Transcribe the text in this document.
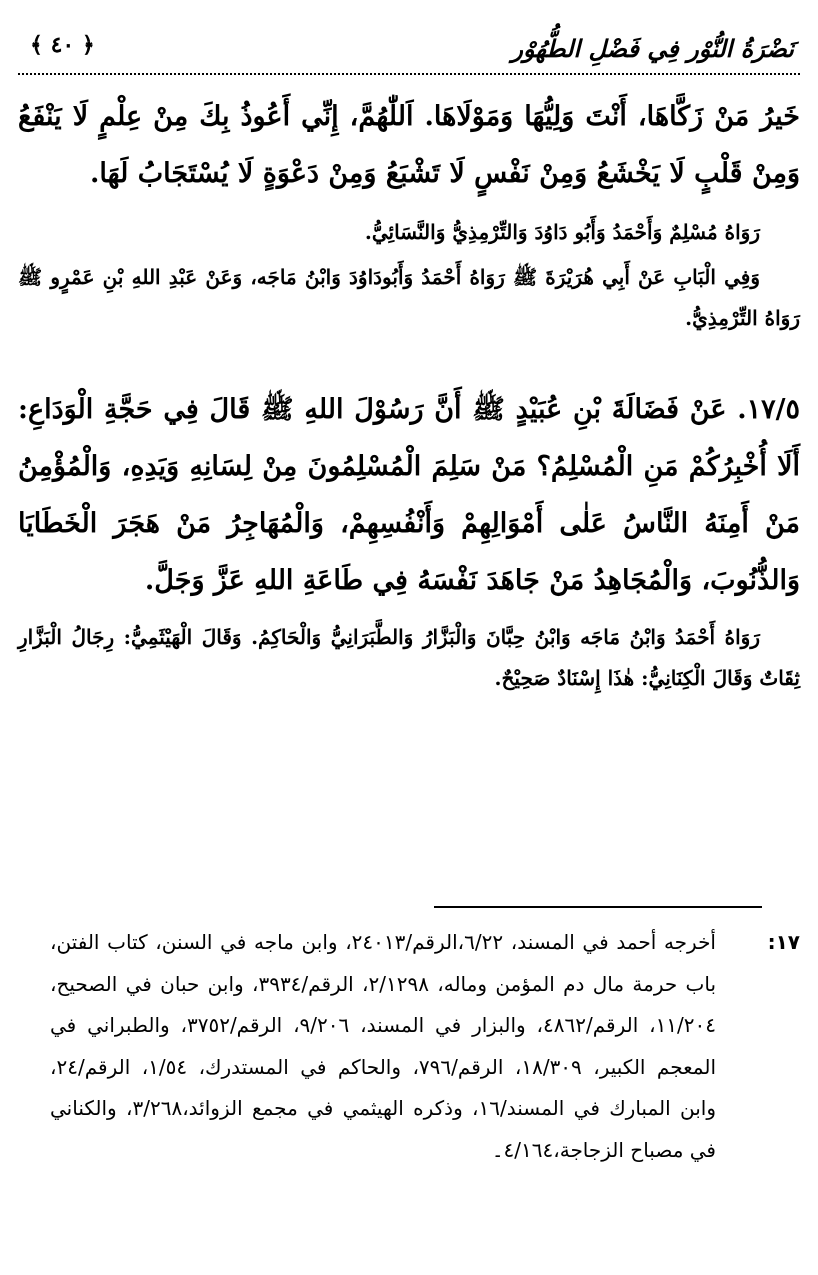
نَضْرَةُ النُّوْر فِي فَضْلِ الطُّهُوْر
﴾ ٤٠ ﴿

خَيرُ مَنْ زَكَّاهَا، أَنْتَ وَلِيُّهَا وَمَوْلَاهَا. اَللّٰهُمَّ، إِنِّي أَعُوذُ بِكَ مِنْ عِلْمٍ لَا يَنْفَعُ وَمِنْ قَلْبٍ لَا يَخْشَعُ وَمِنْ نَفْسٍ لَا تَشْبَعُ وَمِنْ دَعْوَةٍ لَا يُسْتَجَابُ لَهَا.

رَوَاهُ مُسْلِمٌ وَأَحْمَدُ وَأَبُو دَاوُدَ وَالتِّرْمِذِيُّ وَالنَّسَائِيُّ.

وَفِي الْبَابِ عَنْ أَبِي هُرَيْرَةَ ﷺ رَوَاهُ أَحْمَدُ وَأَبُودَاوُدَ وَابْنُ مَاجَه، وَعَنْ عَبْدِ اللهِ بْنِ عَمْرٍو ﷺ رَوَاهُ التِّرْمِذِيُّ.

١٧/٥. عَنْ فَضَالَةَ بْنِ عُبَيْدٍ ﷺ أَنَّ رَسُوْلَ اللهِ ﷺ قَالَ فِي حَجَّةِ الْوَدَاعِ: أَلَا أُخْبِرُكُمْ مَنِ الْمُسْلِمُ؟ مَنْ سَلِمَ الْمُسْلِمُونَ مِنْ لِسَانِهِ وَيَدِهِ، وَالْمُؤْمِنُ مَنْ أَمِنَهُ النَّاسُ عَلٰى أَمْوَالِهِمْ وَأَنْفُسِهِمْ، وَالْمُهَاجِرُ مَنْ هَجَرَ الْخَطَايَا وَالذُّنُوبَ، وَالْمُجَاهِدُ مَنْ جَاهَدَ نَفْسَهُ فِي طَاعَةِ اللهِ عَزَّ وَجَلَّ.

رَوَاهُ أَحْمَدُ وَابْنُ مَاجَه وَابْنُ حِبَّانَ وَالْبَزَّارُ وَالطَّبَرَانِيُّ وَالْحَاكِمُ. وَقَالَ الْهَيْثَمِيُّ: رِجَالُ الْبَزَّارِ ثِقَاتٌ وَقَالَ الْكِنَانِيُّ: هٰذَا إِسْنَادٌ صَحِيْحٌ.

١٧:
أخرجه أحمد في المسند، ٦/٢٢،الرقم/٢٤٠١٣، وابن ماجه في السنن، كتاب الفتن، باب حرمة مال دم المؤمن وماله، ٢/١٢٩٨، الرقم/٣٩٣٤، وابن حبان في الصحيح، ١١/٢٠٤، الرقم/٤٨٦٢، والبزار في المسند، ٩/٢٠٦، الرقم/٣٧٥٢، والطبراني في المعجم الكبير، ١٨/٣٠٩، الرقم/٧٩٦، والحاكم في المستدرك، ١/٥٤، الرقم/٢٤، وابن المبارك في المسند/١٦، وذكره الهيثمي في مجمع الزوائد،٣/٢٦٨، والكناني في مصباح الزجاجة،٤/١٦٤۔
